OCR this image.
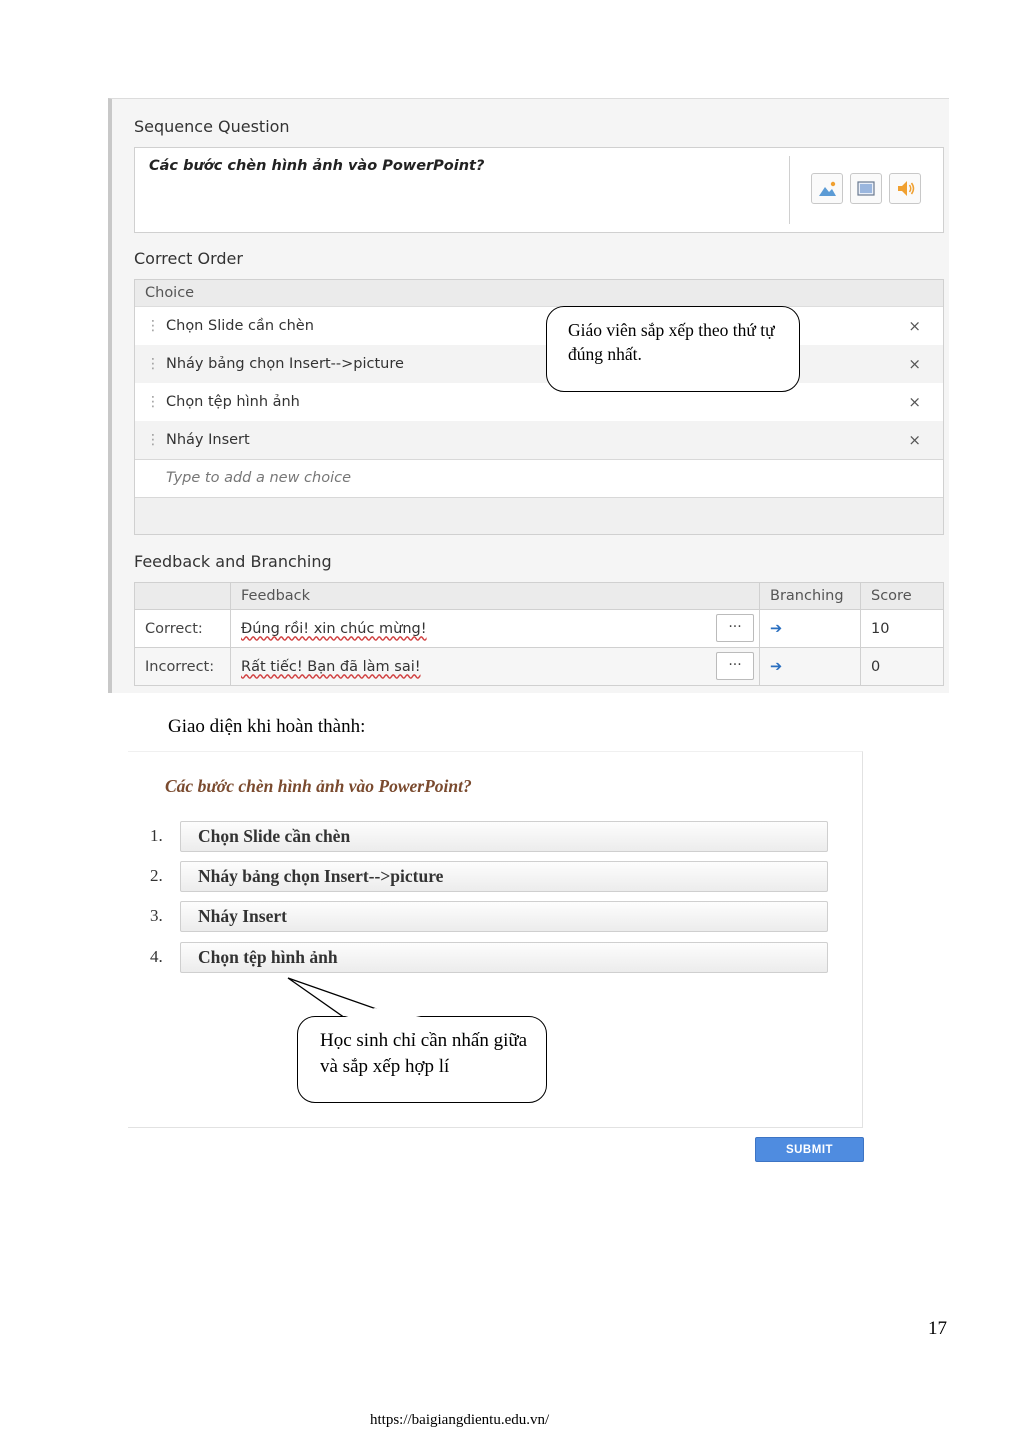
Sequence Question
Các bước chèn hình ảnh vào PowerPoint?
Correct Order
Choice
⋮ Chọn Slide cần chèn	×
⋮ Nháy bảng chọn Insert-->picture	×
⋮ Chọn tệp hình ảnh	×
⋮ Nháy Insert	×
Type to add a new choice
Feedback and Branching
	Feedback	Branching	Score
Correct:	Đúng rồi! xin chúc mừng! ···	➔	10
Incorrect:	Rất tiếc! Bạn đã làm sai! ···	➔	0
Giáo viên sắp xếp theo thứ tự đúng nhất.
Giao diện khi hoàn thành:
Các bước chèn hình ảnh vào PowerPoint?
1.	Chọn Slide cần chèn
2.	Nháy bảng chọn Insert-->picture
3.	Nháy Insert
4.	Chọn tệp hình ảnh
Học sinh chỉ cần nhấn giữa và sắp xếp hợp lí
SUBMIT
17
https://baigiangdientu.edu.vn/
